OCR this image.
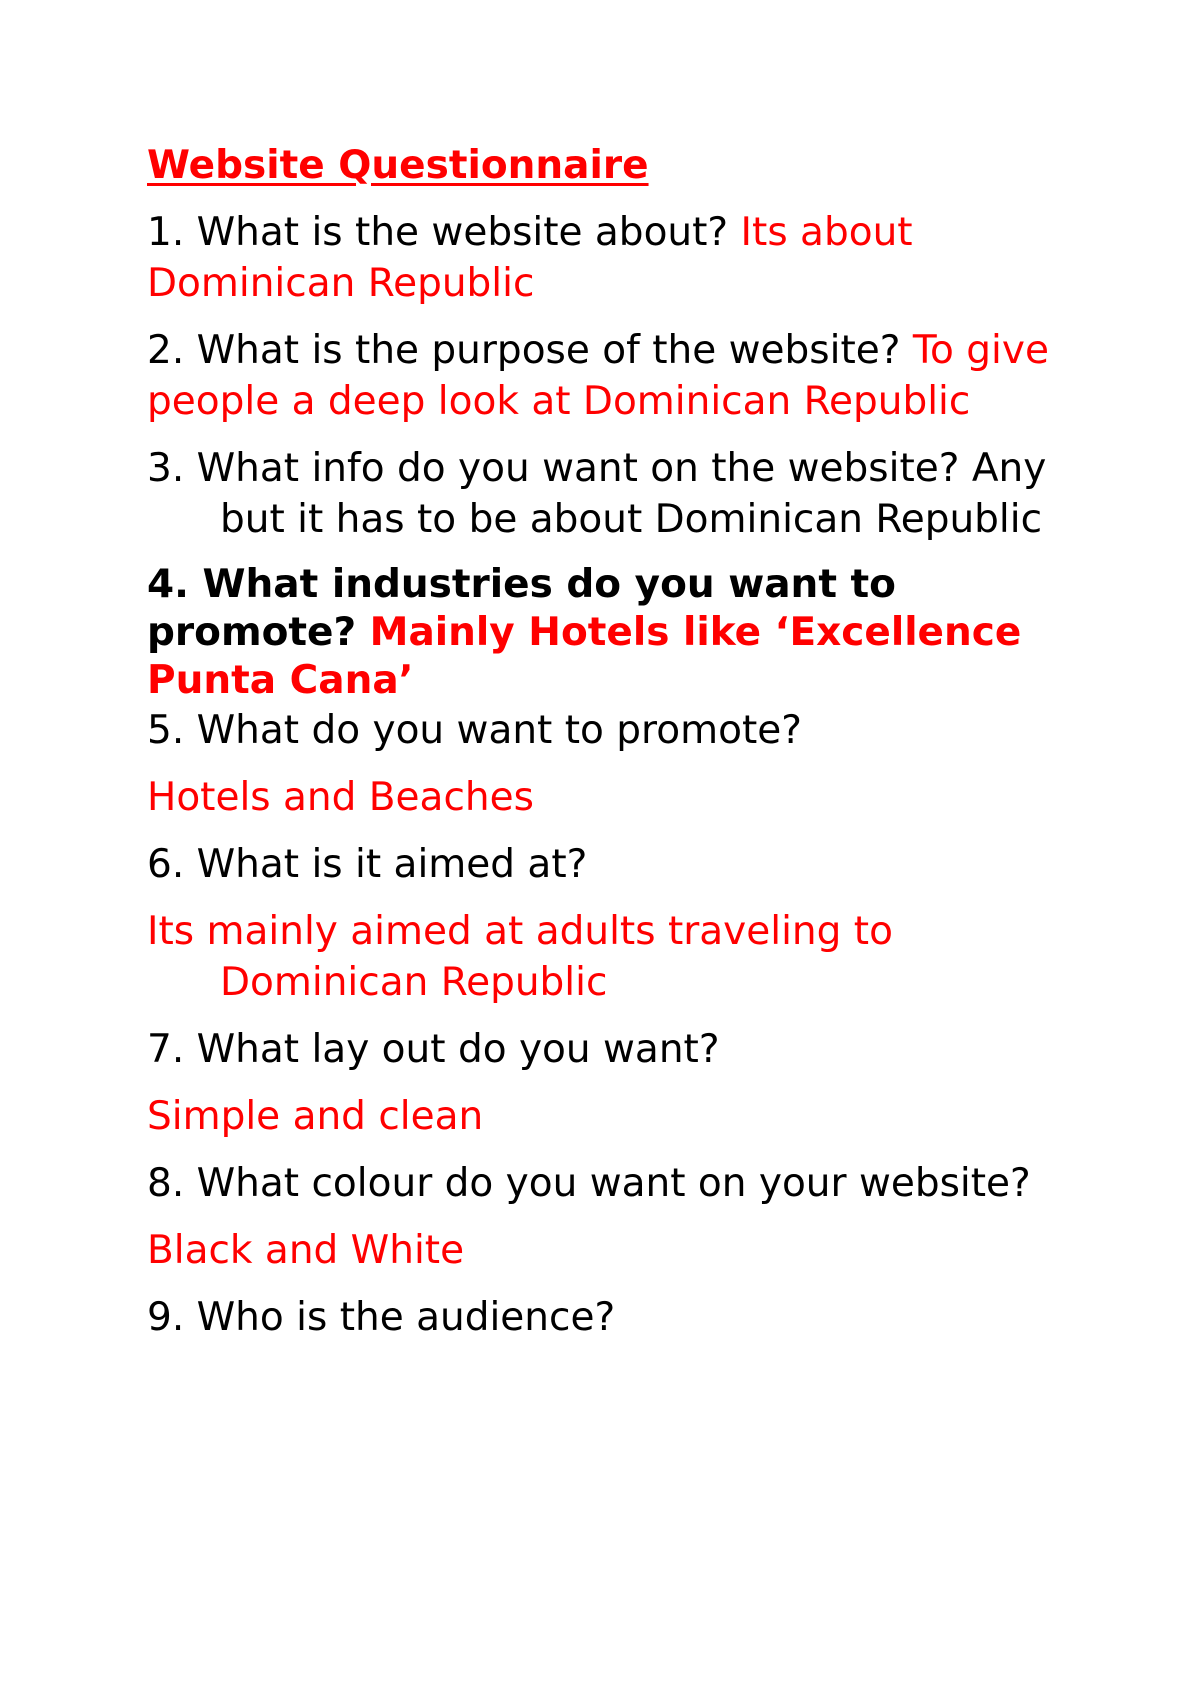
Website Questionnaire

1. What is the website about? Its about Dominican Republic

2. What is the purpose of the website? To give people a deep look at Dominican Republic

3. What info do you want on the website? Any but it has to be about Dominican Republic

4. What industries do you want to promote? Mainly Hotels like ‘Excellence Punta Cana’

5. What do you want to promote?

Hotels and Beaches

6. What is it aimed at?

Its mainly aimed at adults traveling to Dominican Republic

7. What lay out do you want?

Simple and clean

8. What colour do you want on your website?

Black and White

9. Who is the audience?
